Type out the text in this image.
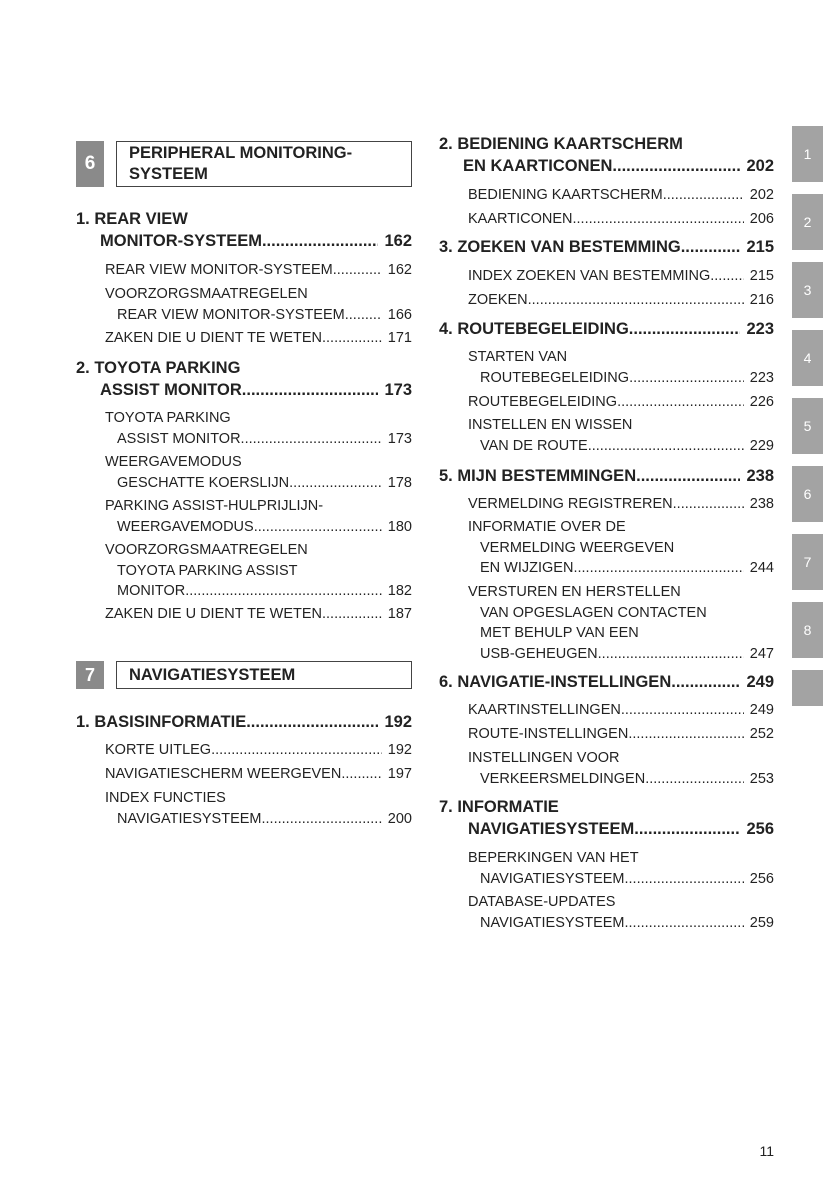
6	PERIPHERAL MONITORING-
SYSTEEM
1. REAR VIEW
MONITOR-SYSTEEM .....	162
REAR VIEW MONITOR-SYSTEEM .....	162
VOORZORGSMAATREGELEN
REAR VIEW MONITOR-SYSTEEM .....	166
ZAKEN DIE U DIENT TE WETEN .....	171
2. TOYOTA PARKING
ASSIST MONITOR .....	173
TOYOTA PARKING
ASSIST MONITOR .....	173
WEERGAVEMODUS
GESCHATTE KOERSLIJN .....	178
PARKING ASSIST-HULPRIJLIJN-
WEERGAVEMODUS .....	180
VOORZORGSMAATREGELEN
TOYOTA PARKING ASSIST
MONITOR .....	182
ZAKEN DIE U DIENT TE WETEN .....	187
7	NAVIGATIESYSTEEM
1. BASISINFORMATIE .....	192
KORTE UITLEG .....	192
NAVIGATIESCHERM WEERGEVEN .....	197
INDEX FUNCTIES
NAVIGATIESYSTEEM .....	200
2. BEDIENING KAARTSCHERM
EN KAARTICONEN .....	202
BEDIENING KAARTSCHERM .....	202
KAARTICONEN .....	206
3. ZOEKEN VAN BESTEMMING .....	215
INDEX ZOEKEN VAN BESTEMMING .....	215
ZOEKEN .....	216
4. ROUTEBEGELEIDING .....	223
STARTEN VAN
ROUTEBEGELEIDING .....	223
ROUTEBEGELEIDING .....	226
INSTELLEN EN WISSEN
VAN DE ROUTE .....	229
5. MIJN BESTEMMINGEN .....	238
VERMELDING REGISTREREN .....	238
INFORMATIE OVER DE
VERMELDING WEERGEVEN
EN WIJZIGEN .....	244
VERSTUREN EN HERSTELLEN
VAN OPGESLAGEN CONTACTEN
MET BEHULP VAN EEN
USB-GEHEUGEN .....	247
6. NAVIGATIE-INSTELLINGEN .....	249
KAARTINSTELLINGEN .....	249
ROUTE-INSTELLINGEN .....	252
INSTELLINGEN VOOR
VERKEERSMELDINGEN .....	253
7. INFORMATIE
NAVIGATIESYSTEEM .....	256
BEPERKINGEN VAN HET
NAVIGATIESYSTEEM .....	256
DATABASE-UPDATES
NAVIGATIESYSTEEM .....	259
1
2
3
4
5
6
7
8
11
